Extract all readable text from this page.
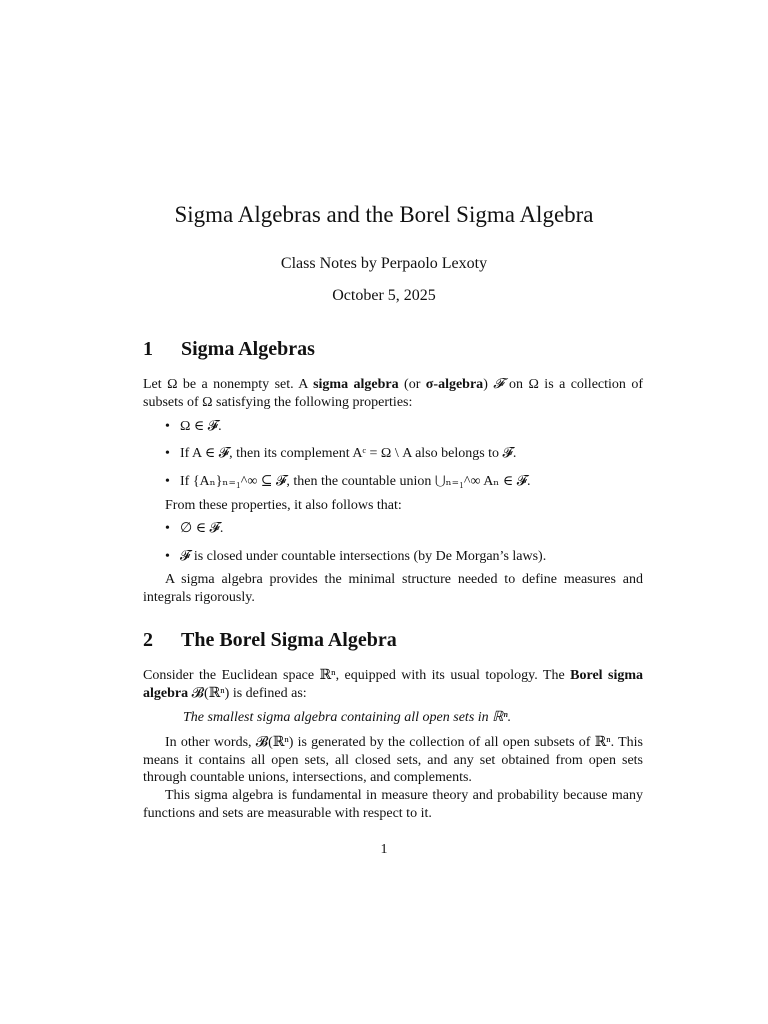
Sigma Algebras and the Borel Sigma Algebra
Class Notes by Perpaolo Lexoty
October 5, 2025
1 Sigma Algebras
Let Ω be a nonempty set. A sigma algebra (or σ-algebra) 𝓕 on Ω is a collection of subsets of Ω satisfying the following properties:
• Ω ∈ 𝓕.
• If A ∈ 𝓕, then its complement Aᶜ = Ω \ A also belongs to 𝓕.
• If {Aₙ}ₙ₌₁^∞ ⊆ 𝓕, then the countable union ⋃ₙ₌₁^∞ Aₙ ∈ 𝓕.
From these properties, it also follows that:
• ∅ ∈ 𝓕.
• 𝓕 is closed under countable intersections (by De Morgan’s laws).
A sigma algebra provides the minimal structure needed to define measures and integrals rigorously.
2 The Borel Sigma Algebra
Consider the Euclidean space ℝⁿ, equipped with its usual topology. The Borel sigma algebra 𝓑(ℝⁿ) is defined as:
The smallest sigma algebra containing all open sets in ℝⁿ.
In other words, 𝓑(ℝⁿ) is generated by the collection of all open subsets of ℝⁿ. This means it contains all open sets, all closed sets, and any set obtained from open sets through countable unions, intersections, and complements.
This sigma algebra is fundamental in measure theory and probability because many functions and sets are measurable with respect to it.
1
